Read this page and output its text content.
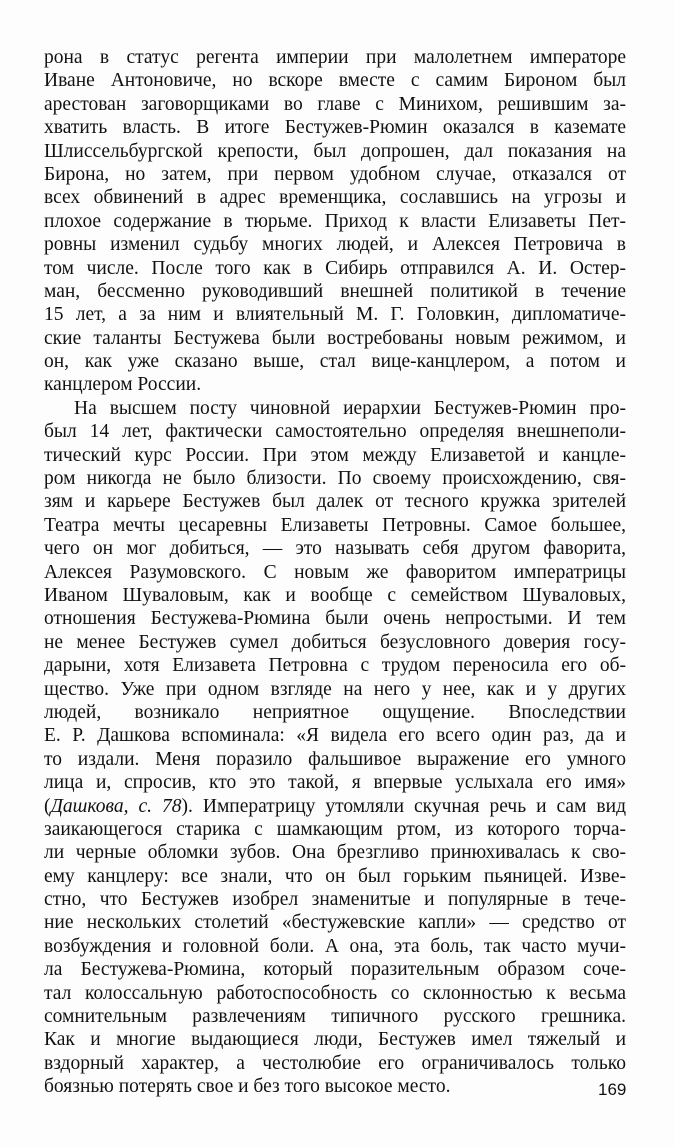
рона в статус регента империи при малолетнем императоре
Иване Антоновиче, но вскоре вместе с самим Бироном был
арестован заговорщиками во главе с Минихом, решившим за-
хватить власть. В итоге Бестужев-Рюмин оказался в каземате
Шлиссельбургской крепости, был допрошен, дал показания на
Бирона, но затем, при первом удобном случае, отказался от
всех обвинений в адрес временщика, сославшись на угрозы и
плохое содержание в тюрьме. Приход к власти Елизаветы Пет-
ровны изменил судьбу многих людей, и Алексея Петровича в
том числе. После того как в Сибирь отправился А. И. Остер-
ман, бессменно руководивший внешней политикой в течение
15 лет, а за ним и влиятельный М. Г. Головкин, дипломатиче-
ские таланты Бестужева были востребованы новым режимом, и
он, как уже сказано выше, стал вице-канцлером, а потом и
канцлером России.

На высшем посту чиновной иерархии Бестужев-Рюмин про-
был 14 лет, фактически самостоятельно определяя внешнеполи-
тический курс России. При этом между Елизаветой и канцле-
ром никогда не было близости. По своему происхождению, свя-
зям и карьере Бестужев был далек от тесного кружка зрителей
Театра мечты цесаревны Елизаветы Петровны. Самое большее,
чего он мог добиться, — это называть себя другом фаворита,
Алексея Разумовского. С новым же фаворитом императрицы
Иваном Шуваловым, как и вообще с семейством Шуваловых,
отношения Бестужева-Рюмина были очень непростыми. И тем
не менее Бестужев сумел добиться безусловного доверия госу-
дарыни, хотя Елизавета Петровна с трудом переносила его об-
щество. Уже при одном взгляде на него у нее, как и у других
людей, возникало неприятное ощущение. Впоследствии
Е. Р. Дашкова вспоминала: «Я видела его всего один раз, да и
то издали. Меня поразило фальшивое выражение его умного
лица и, спросив, кто это такой, я впервые услыхала его имя»
(Дашкова, с. 78). Императрицу утомляли скучная речь и сам вид
заикающегося старика с шамкающим ртом, из которого торча-
ли черные обломки зубов. Она брезгливо принюхивалась к сво-
ему канцлеру: все знали, что он был горьким пьяницей. Изве-
стно, что Бестужев изобрел знаменитые и популярные в тече-
ние нескольких столетий «бестужевские капли» — средство от
возбуждения и головной боли. А она, эта боль, так часто мучи-
ла Бестужева-Рюмина, который поразительным образом соче-
тал колоссальную работоспособность со склонностью к весьма
сомнительным развлечениям типичного русского грешника.
Как и многие выдающиеся люди, Бестужев имел тяжелый и
вздорный характер, а честолюбие его ограничивалось только
боязнью потерять свое и без того высокое место.	169
